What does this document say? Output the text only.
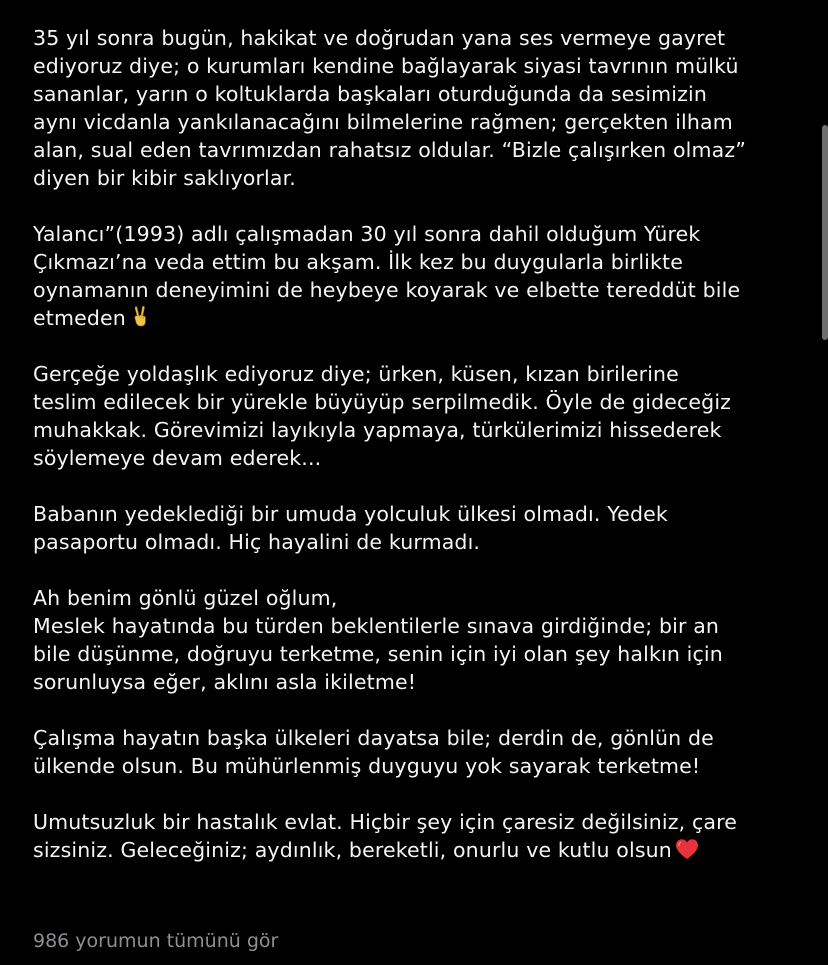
35 yıl sonra bugün, hakikat ve doğrudan yana ses vermeye gayret
ediyoruz diye; o kurumları kendine bağlayarak siyasi tavrının mülkü
sananlar, yarın o koltuklarda başkaları oturduğunda da sesimizin
aynı vicdanla yankılanacağını bilmelerine rağmen; gerçekten ilham
alan, sual eden tavrımızdan rahatsız oldular. “Bizle çalışırken olmaz”
diyen bir kibir saklıyorlar.

Yalancı”(1993) adlı çalışmadan 30 yıl sonra dahil olduğum Yürek
Çıkmazı’na veda ettim bu akşam. İlk kez bu duygularla birlikte
oynamanın deneyimini de heybeye koyarak ve elbette tereddüt bile
etmeden

Gerçeğe yoldaşlık ediyoruz diye; ürken, küsen, kızan birilerine
teslim edilecek bir yürekle büyüyüp serpilmedik. Öyle de gideceğiz
muhakkak. Görevimizi layıkıyla yapmaya, türkülerimizi hissederek
söylemeye devam ederek...

Babanın yedeklediği bir umuda yolculuk ülkesi olmadı. Yedek
pasaportu olmadı. Hiç hayalini de kurmadı.

Ah benim gönlü güzel oğlum,

Meslek hayatında bu türden beklentilerle sınava girdiğinde; bir an
bile düşünme, doğruyu terketme, senin için iyi olan şey halkın için
sorunluysa eğer, aklını asla ikiletme!

Çalışma hayatın başka ülkeleri dayatsa bile; derdin de, gönlün de
ülkende olsun. Bu mühürlenmiş duyguyu yok sayarak terketme!

Umutsuzluk bir hastalık evlat. Hiçbir şey için çaresiz değilsiniz, çare
sizsiniz. Geleceğiniz; aydınlık, bereketli, onurlu ve kutlu olsun

986 yorumun tümünü gör
